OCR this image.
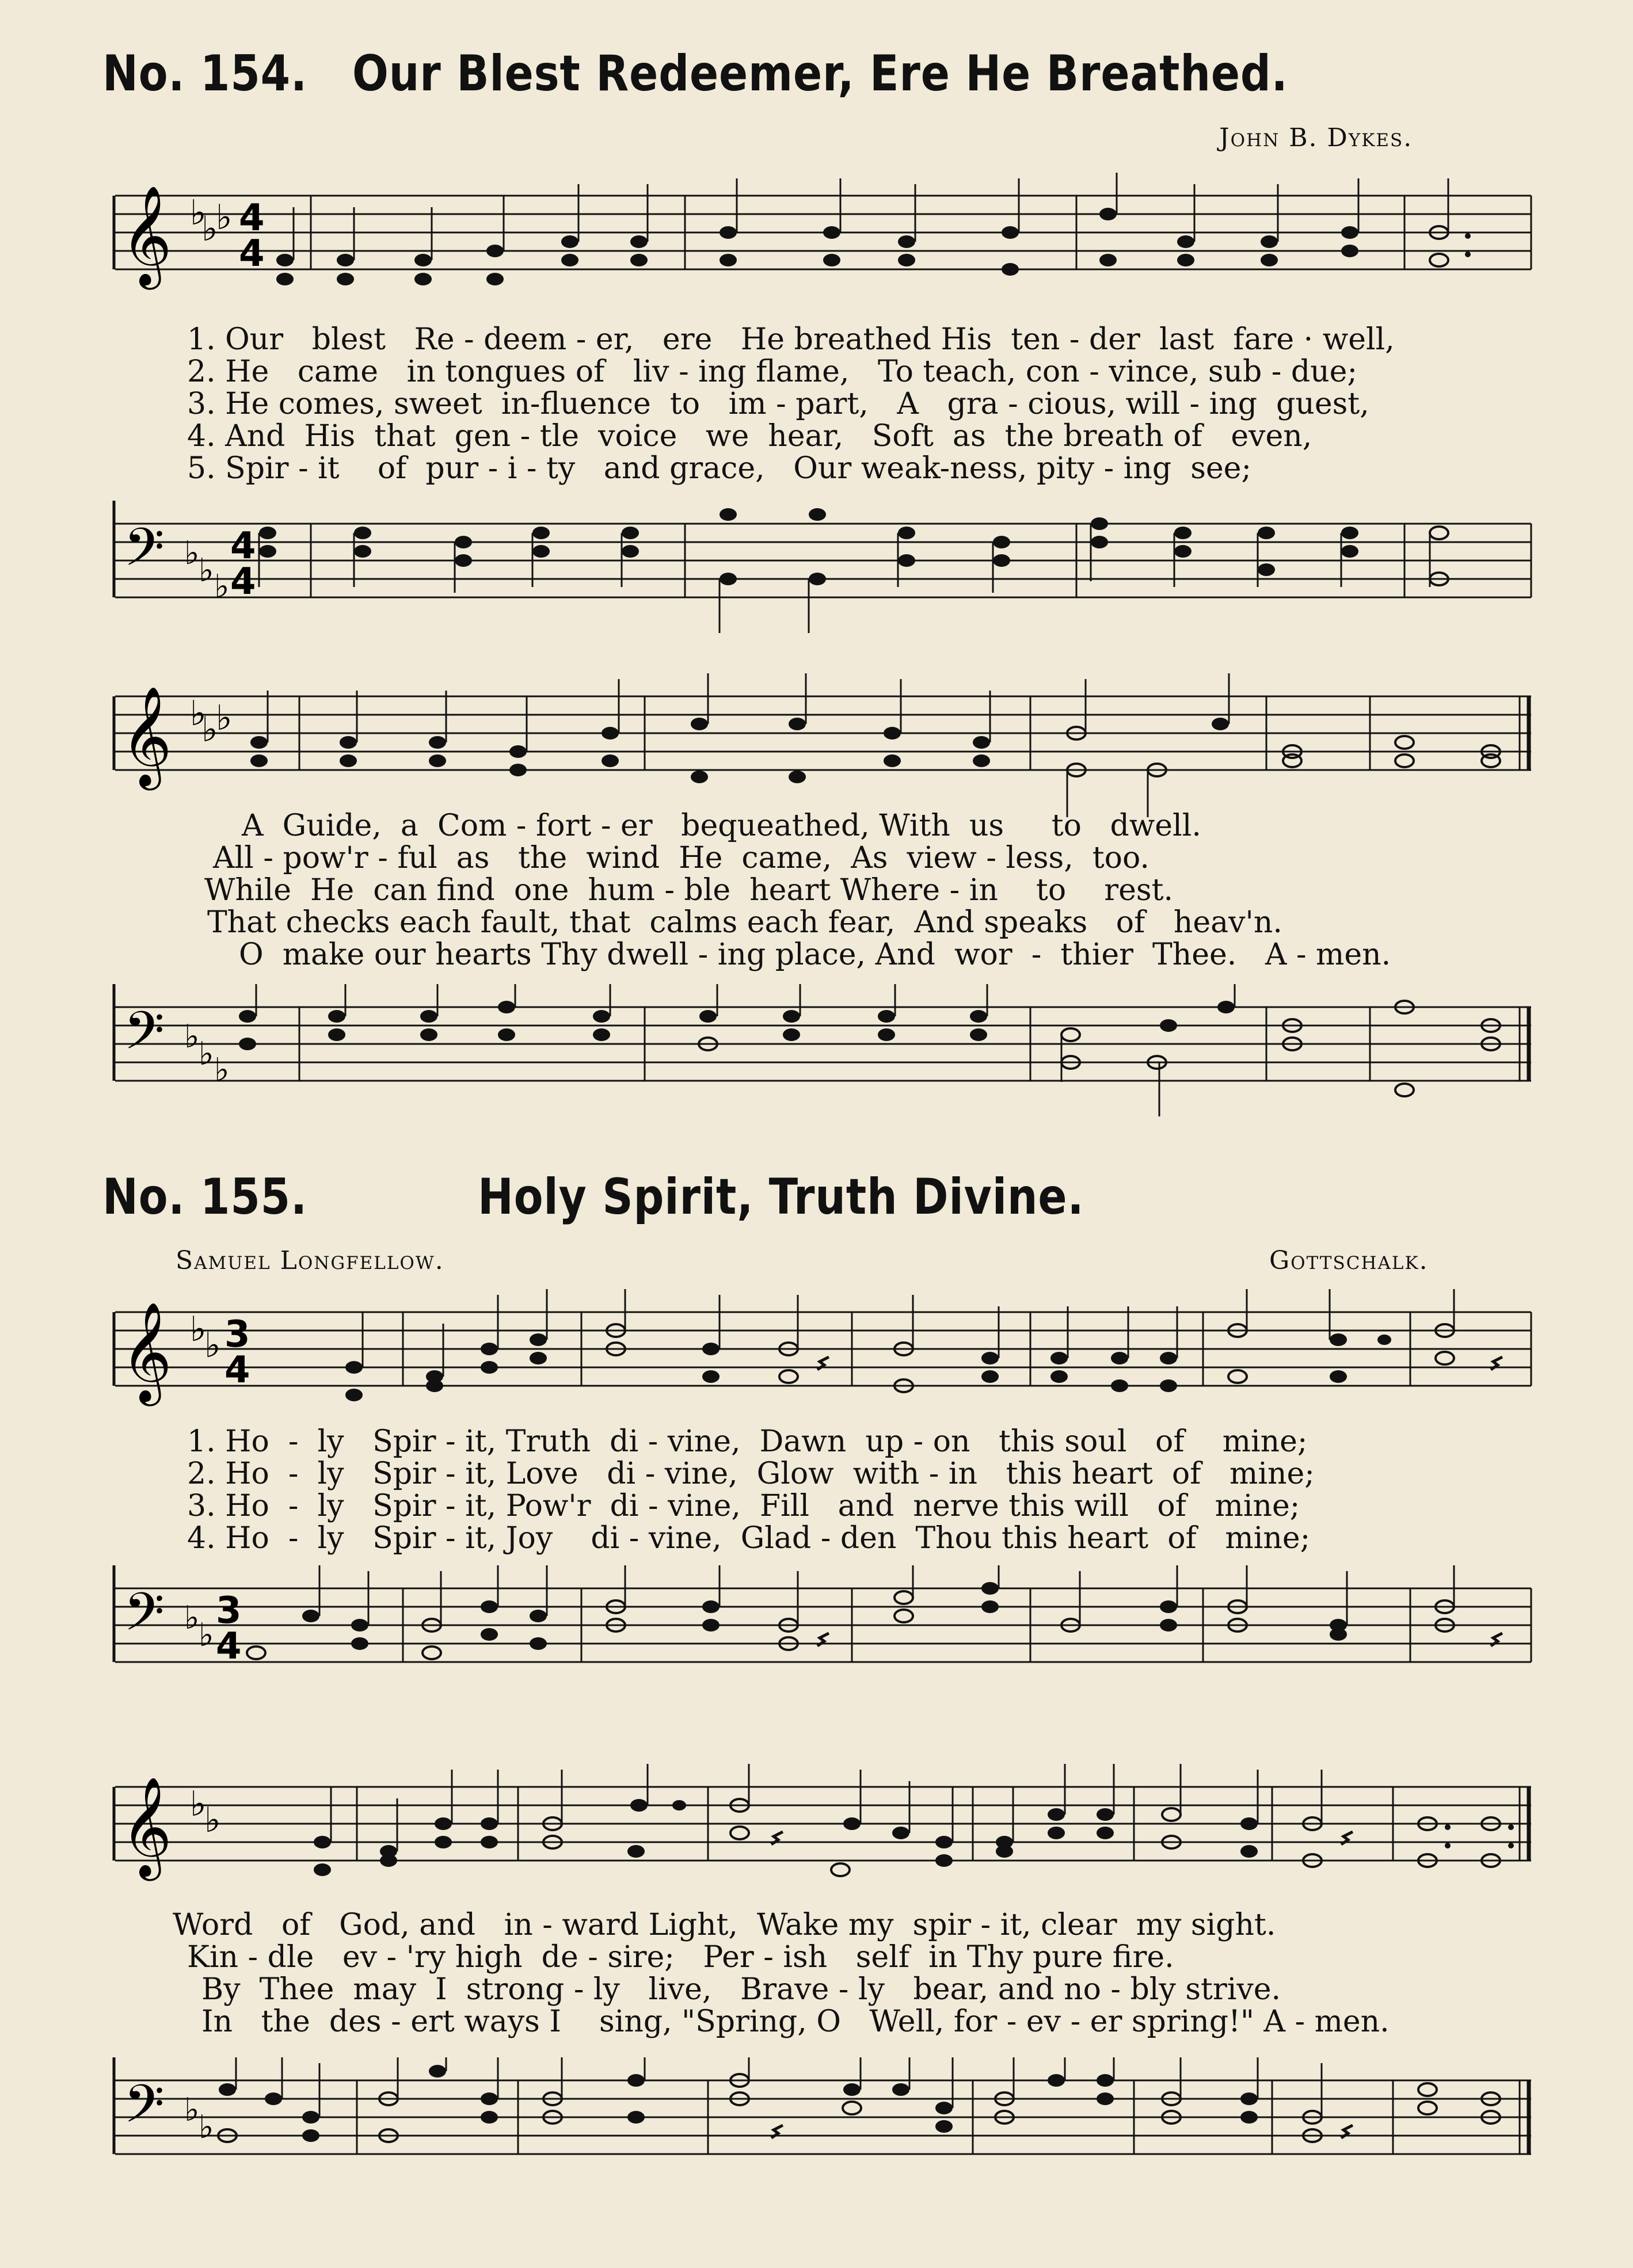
No. 154. Our Blest Redeemer, Ere He Breathed.
John B. Dykes.
𝄞 ♭
♭
♭ 4
4
1. Our   blest   Re - deem - er,   ere   He breathed His  ten - der  last  fare · well,
2. He   came   in tongues of   liv - ing flame,   To teach, con - vince, sub - due;
3. He comes, sweet  in-fluence  to   im - part,   A   gra - cious, will - ing  guest,
4. And  His  that  gen - tle  voice   we  hear,   Soft  as  the breath of   even,
5. Spir - it    of  pur - i - ty   and grace,   Our weak-ness, pity - ing  see;
𝄢 ♭
♭ ♭
4
4
𝄞 ♭
♭
♭
A  Guide,  a  Com - fort - er   bequeathed, With  us     to   dwell.
All - pow'r - ful  as   the  wind  He  came,  As  view - less,  too.
While  He  can find  one  hum - ble  heart Where - in    to    rest.
That checks each fault, that  calms each fear,  And speaks   of   heav'n.
O  make our hearts Thy dwell - ing place, And  wor  -  thier  Thee.   A - men.
𝄢 ♭
♭ ♭
No. 155.	Holy Spirit, Truth Divine.
Samuel Longfellow.	Gottschalk.
𝄞 ♭
♭ 3
4
1. Ho  -  ly   Spir - it, Truth  di - vine,  Dawn  up - on   this soul   of    mine;
2. Ho  -  ly   Spir - it, Love   di - vine,  Glow  with - in   this heart  of   mine;
3. Ho  -  ly   Spir - it, Pow'r  di - vine,  Fill   and  nerve this will   of   mine;
4. Ho  -  ly   Spir - it, Joy    di - vine,  Glad - den  Thou this heart  of   mine;
𝄢 ♭
♭
3
4
𝄞 ♭
♭
Word   of   God, and   in - ward Light,  Wake my  spir - it, clear  my sight.
Kin - dle   ev - 'ry high  de - sire;   Per - ish   self  in Thy pure fire.
By  Thee  may  I  strong - ly   live,   Brave - ly   bear, and no - bly strive.
In   the  des - ert ways I    sing, "Spring, O   Well, for - ev - er spring!" A - men.
𝄢 ♭
♭
